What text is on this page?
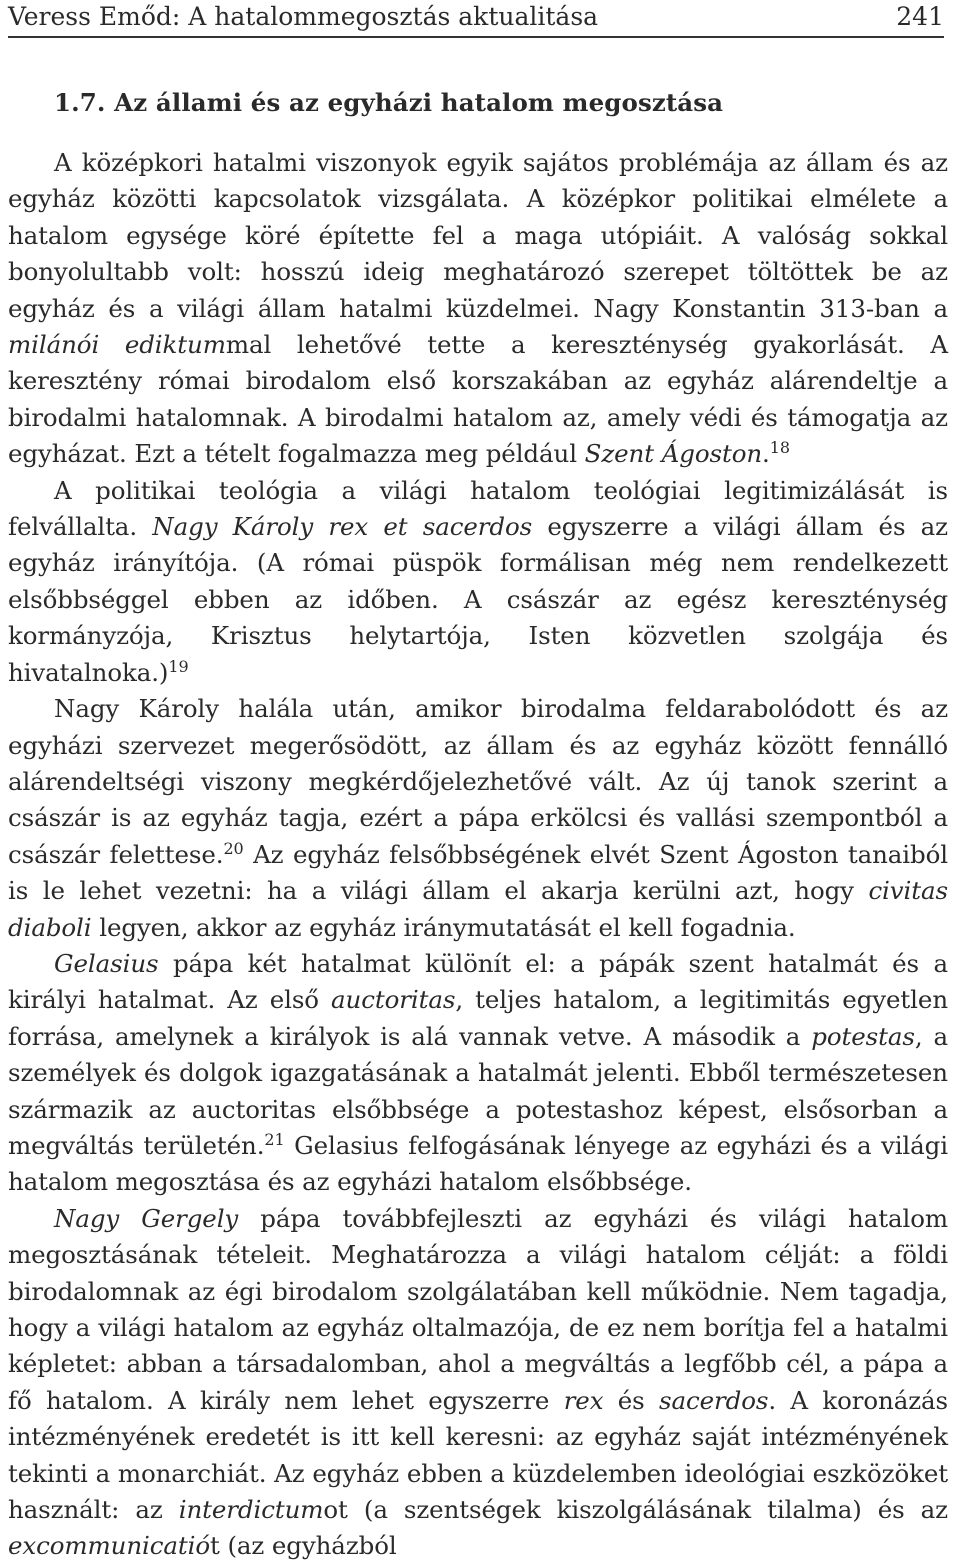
Veress Emőd: A hatalommegosztás aktualitása	241
1.7. Az állami és az egyházi hatalom megosztása

A középkori hatalmi viszonyok egyik sajátos problémája az állam és az egyház közötti kapcsolatok vizsgálata. A középkor politikai elmélete a hatalom egysége köré építette fel a maga utópiáit. A valóság sokkal bonyolultabb volt: hosszú ideig meghatározó szerepet töltöttek be az egyház és a világi állam hatalmi küzdelmei. Nagy Konstantin 313-ban a milánói ediktummal lehetővé tette a kereszténység gyakorlását. A keresztény római birodalom első korszakában az egyház alárendeltje a birodalmi hatalomnak. A birodalmi hatalom az, amely védi és támogatja az egyházat. Ezt a tételt fogalmazza meg például Szent Ágoston.$^{18}$

A politikai teológia a világi hatalom teológiai legitimizálását is felvállalta. Nagy Károly rex et sacerdos egyszerre a világi állam és az egyház irányítója. (A római püspök formálisan még nem rendelkezett elsőbbséggel ebben az időben. A császár az egész kereszténység kormányzója, Krisztus helytartója, Isten közvetlen szolgája és hivatalnoka.)$^{19}$

Nagy Károly halála után, amikor birodalma feldarabolódott és az egyházi szervezet megerősödött, az állam és az egyház között fennálló alárendeltségi viszony megkérdőjelezhetővé vált. Az új tanok szerint a császár is az egyház tagja, ezért a pápa erkölcsi és vallási szempontból a császár felettese.$^{20}$ Az egyház felsőbbségének elvét Szent Ágoston tanaiból is le lehet vezetni: ha a világi állam el akarja kerülni azt, hogy civitas diaboli legyen, akkor az egyház iránymutatását el kell fogadnia.

Gelasius pápa két hatalmat különít el: a pápák szent hatalmát és a királyi hatalmat. Az első auctoritas, teljes hatalom, a legitimitás egyetlen forrása, amelynek a királyok is alá vannak vetve. A második a potestas, a személyek és dolgok igazgatásának a hatalmát jelenti. Ebből természetesen származik az auctoritas elsőbbsége a potestashoz képest, elsősorban a megváltás területén.$^{21}$ Gelasius felfogásának lényege az egyházi és a világi hatalom megosztása és az egyházi hatalom elsőbbsége.

Nagy Gergely pápa továbbfejleszti az egyházi és világi hatalom megosztásának tételeit. Meghatározza a világi hatalom célját: a földi birodalomnak az égi birodalom szolgálatában kell működnie. Nem tagadja, hogy a világi hatalom az egyház oltalmazója, de ez nem borítja fel a hatalmi képletet: abban a társadalomban, ahol a megváltás a legfőbb cél, a pápa a fő hatalom. A király nem lehet egyszerre rex és sacerdos. A koronázás intézményének eredetét is itt kell keresni: az egyház saját intézményének tekinti a monarchiát. Az egyház ebben a küzdelemben ideológiai eszközöket használt: az interdictumot (a szentségek kiszolgálásának tilalma) és az excommunicatiót (az egyházból
